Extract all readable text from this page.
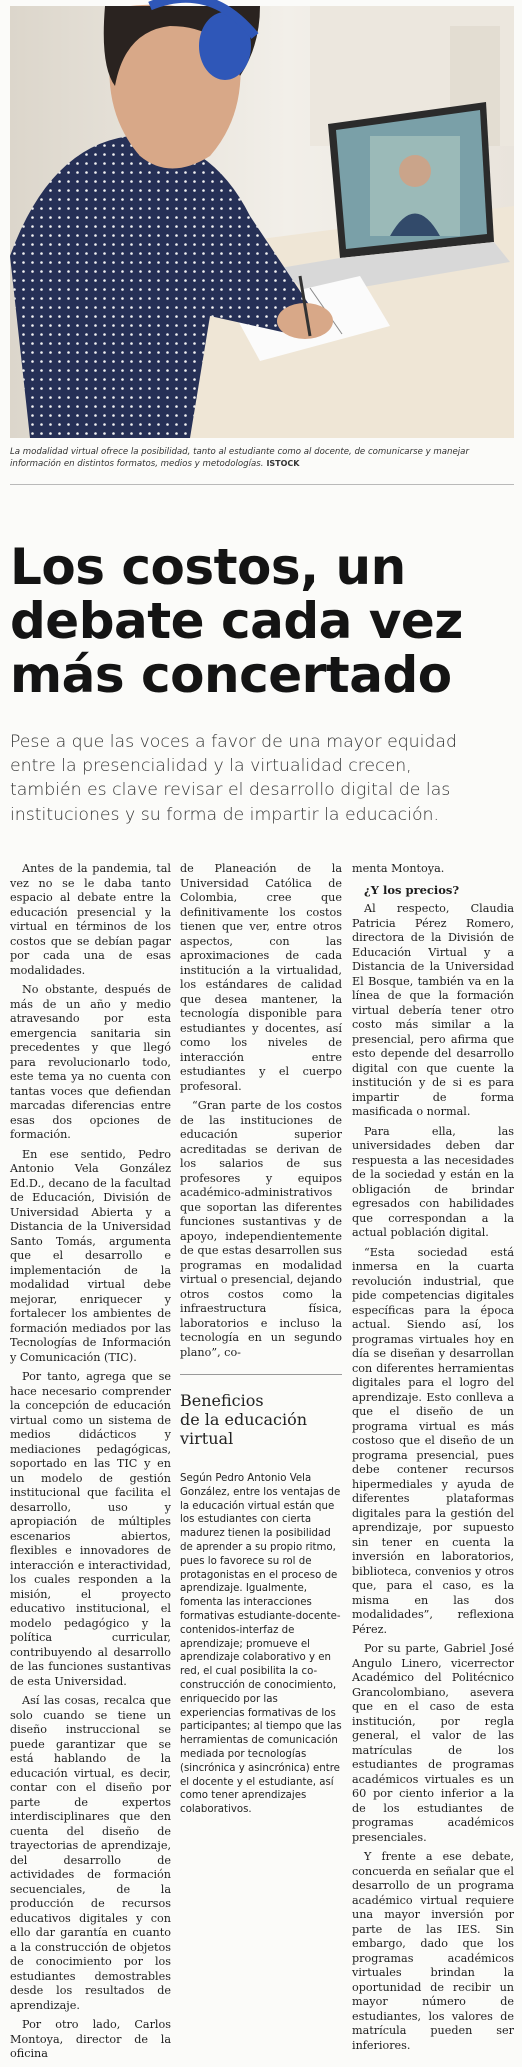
La modalidad virtual ofrece la posibilidad, tanto al estudiante como al docente, de comunicarse y manejar información en distintos formatos, medios y metodologías. ISTOCK
Los costos, un
debate cada vez
más concertado
Pese a que las voces a favor de una mayor equidad
entre la presencialidad y la virtualidad crecen,
también es clave revisar el desarrollo digital de las
instituciones y su forma de impartir la educación.

Antes de la pandemia, tal vez no se le daba tanto espacio al debate entre la educación presencial y la virtual en términos de los costos que se debían pagar por cada una de esas modalidades.

No obstante, después de más de un año y medio atravesando por esta emergencia sanitaria sin precedentes y que llegó para revolucionarlo todo, este tema ya no cuenta con tantas voces que defiendan marcadas diferencias entre esas dos opciones de formación.

En ese sentido, Pedro Antonio Vela González Ed.D., decano de la facultad de Educación, División de Universidad Abierta y a Distancia de la Universidad Santo Tomás, argumenta que el desarrollo e implementación de la modalidad virtual debe mejorar, enriquecer y fortalecer los ambientes de formación mediados por las Tecnologías de Información y Comunicación (TIC).

Por tanto, agrega que se hace necesario comprender la concepción de educación virtual como un sistema de medios didácticos y mediaciones pedagógicas, soportado en las TIC y en un modelo de gestión institucional que facilita el desarrollo, uso y apropiación de múltiples escenarios abiertos, flexibles e innovadores de interacción e interactividad, los cuales responden a la misión, el proyecto educativo institucional, el modelo pedagógico y la política curricular, contribuyendo al desarrollo de las funciones sustantivas de esta Universidad.

Así las cosas, recalca que solo cuando se tiene un diseño instruccional se puede garantizar que se está hablando de la educación virtual, es decir, contar con el diseño por parte de expertos interdisciplinares que den cuenta del diseño de trayectorias de aprendizaje, del desarrollo de actividades de formación secuenciales, de la producción de recursos educativos digitales y con ello dar garantía en cuanto a la construcción de objetos de conocimiento por los estudiantes demostrables desde los resultados de aprendizaje.

Por otro lado, Carlos Montoya, director de la oficina

de Planeación de la Universidad Católica de Colombia, cree que definitivamente los costos tienen que ver, entre otros aspectos, con las aproximaciones de cada institución a la virtualidad, los estándares de calidad que desea mantener, la tecnología disponible para estudiantes y docentes, así como los niveles de interacción entre estudiantes y el cuerpo profesoral.

“Gran parte de los costos de las instituciones de educación superior acreditadas se derivan de los salarios de sus profesores y equipos académico-administrativos que soportan las diferentes funciones sustantivas y de apoyo, independientemente de que estas desarrollen sus programas en modalidad virtual o presencial, dejando otros costos como la infraestructura física, laboratorios e incluso la tecnología en un segundo plano”, co-

Beneficios
de la educación
virtual

Según Pedro Antonio Vela González, entre los ventajas de la educación virtual están que los estudiantes con cierta madurez tienen la posibilidad de aprender a su propio ritmo, pues lo favorece su rol de protagonistas en el proceso de aprendizaje. Igualmente, fomenta las interacciones formativas estudiante-docente-contenidos-interfaz de aprendizaje; promueve el aprendizaje colaborativo y en red, el cual posibilita la co-construcción de conocimiento, enriquecido por las experiencias formativas de los participantes; al tiempo que las herramientas de comunicación mediada por tecnologías (sincrónica y asincrónica) entre el docente y el estudiante, así como tener aprendizajes colaborativos.

menta Montoya.

¿Y los precios?

Al respecto, Claudia Patricia Pérez Romero, directora de la División de Educación Virtual y a Distancia de la Universidad El Bosque, también va en la línea de que la formación virtual debería tener otro costo más similar a la presencial, pero afirma que esto depende del desarrollo digital con que cuente la institución y de si es para impartir de forma masificada o normal.

Para ella, las universidades deben dar respuesta a las necesidades de la sociedad y están en la obligación de brindar egresados con habilidades que correspondan a la actual población digital.

“Esta sociedad está inmersa en la cuarta revolución industrial, que pide competencias digitales específicas para la época actual. Siendo así, los programas virtuales hoy en día se diseñan y desarrollan con diferentes herramientas digitales para el logro del aprendizaje. Esto conlleva a que el diseño de un programa virtual es más costoso que el diseño de un programa presencial, pues debe contener recursos hipermediales y ayuda de diferentes plataformas digitales para la gestión del aprendizaje, por supuesto sin tener en cuenta la inversión en laboratorios, biblioteca, convenios y otros que, para el caso, es la misma en las dos modalidades”, reflexiona Pérez.

Por su parte, Gabriel José Angulo Linero, vicerrector Académico del Politécnico Grancolombiano, asevera que en el caso de esta institución, por regla general, el valor de las matrículas de los estudiantes de programas académicos virtuales es un 60 por ciento inferior a la de los estudiantes de programas académicos presenciales.

Y frente a ese debate, concuerda en señalar que el desarrollo de un programa académico virtual requiere una mayor inversión por parte de las IES. Sin embargo, dado que los programas académicos virtuales brindan la oportunidad de recibir un mayor número de estudiantes, los valores de matrícula pueden ser inferiores.
